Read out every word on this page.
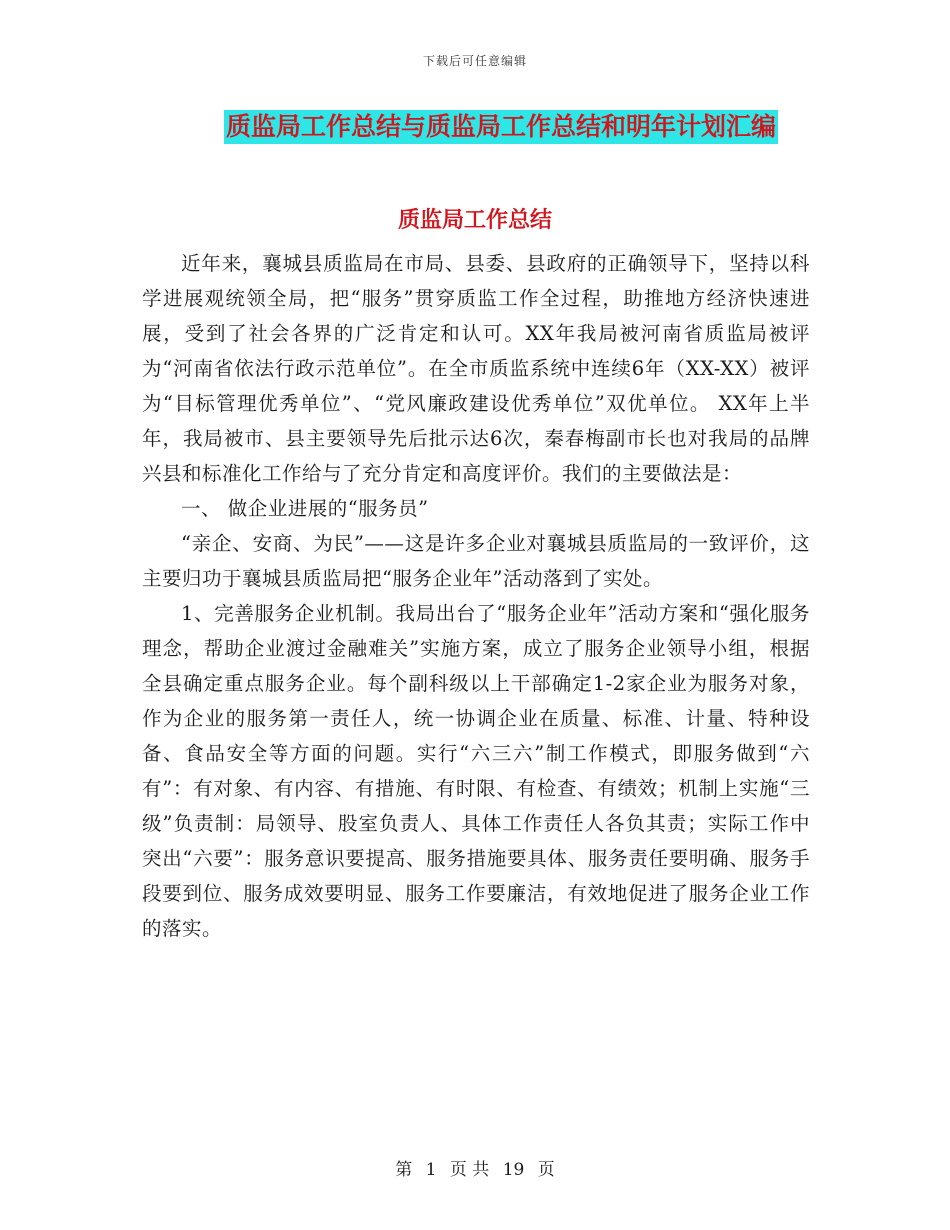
下载后可任意编辑
质监局工作总结与质监局工作总结和明年计划汇编
质监局工作总结

近年来，襄城县质监局在市局、县委、县政府的正确领导下，坚持以科学进展观统领全局，把“服务”贯穿质监工作全过程，助推地方经济快速进展，受到了社会各界的广泛肯定和认可。XX年我局被河南省质监局被评为“河南省依法行政示范单位”。在全市质监系统中连续6年（XX-XX）被评为“目标管理优秀单位”、“党风廉政建设优秀单位”双优单位。 XX年上半年，我局被市、县主要领导先后批示达6次，秦春梅副市长也对我局的品牌兴县和标准化工作给与了充分肯定和高度评价。我们的主要做法是：

一、 做企业进展的“服务员”

“亲企、安商、为民”——这是许多企业对襄城县质监局的一致评价，这主要归功于襄城县质监局把“服务企业年”活动落到了实处。

1、完善服务企业机制。我局出台了“服务企业年”活动方案和“强化服务理念，帮助企业渡过金融难关”实施方案，成立了服务企业领导小组，根据全县确定重点服务企业。每个副科级以上干部确定1-2家企业为服务对象，作为企业的服务第一责任人，统一协调企业在质量、标准、计量、特种设备、食品安全等方面的问题。实行“六三六”制工作模式，即服务做到“六有”：有对象、有内容、有措施、有时限、有检查、有绩效；机制上实施“三级”负责制：局领导、股室负责人、具体工作责任人各负其责；实际工作中突出“六要”：服务意识要提高、服务措施要具体、服务责任要明确、服务手段要到位、服务成效要明显、服务工作要廉洁，有效地促进了服务企业工作的落实。

第 1 页 共 19 页
